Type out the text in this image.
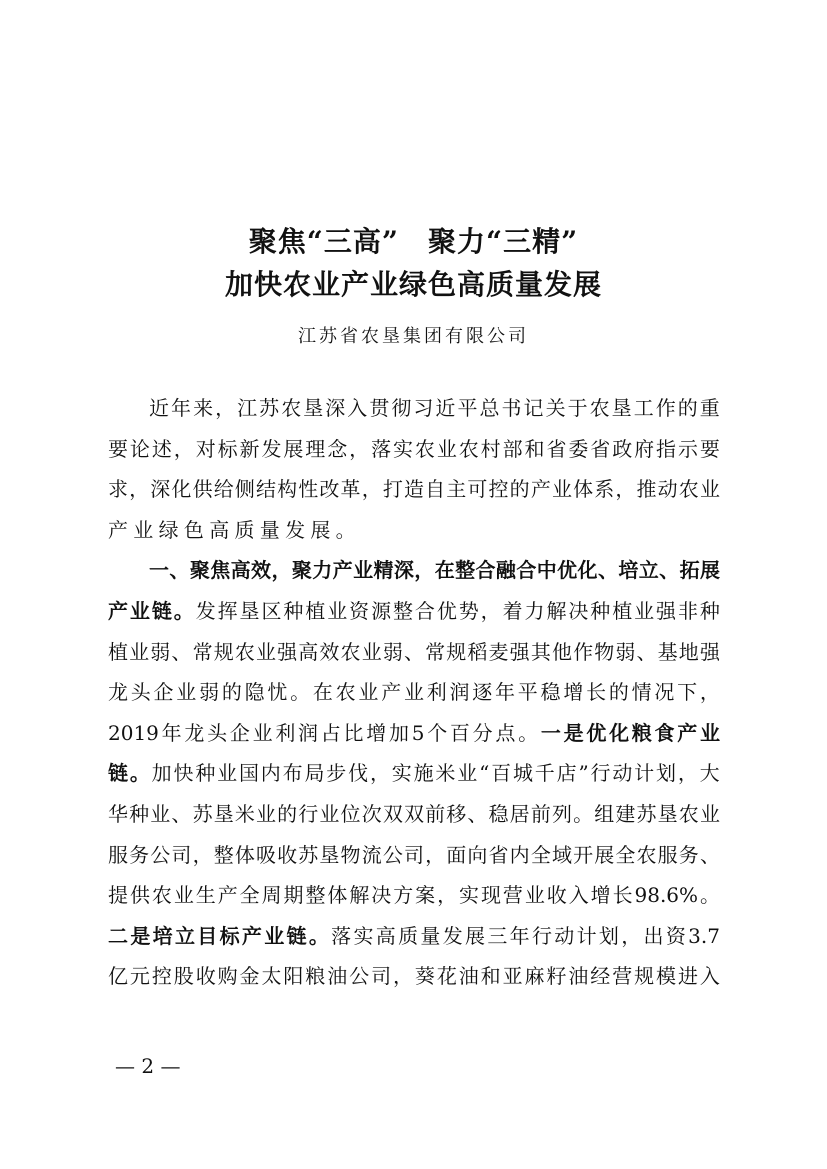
聚焦“三高”　聚力“三精”
加快农业产业绿色高质量发展
江苏省农垦集团有限公司
近 年 来 ， 江 苏 农 垦 深 入 贯 彻 习 近 平 总 书 记 关 于 农 垦 工 作 的 重
要 论 述 ， 对 标 新 发 展 理 念 ， 落 实 农 业 农 村 部 和 省 委 省 政 府 指 示 要
求 ， 深 化 供 给 侧 结 构 性 改 革 ， 打 造 自 主 可 控 的 产 业 体 系 ， 推 动 农 业
产 业 绿 色 高 质 量 发 展 。
一 、 聚 焦 高 效 ， 聚 力 产 业 精 深 ， 在 整 合 融 合 中 优 化 、 培 立 、 拓 展
产 业 链 。 发 挥 垦 区 种 植 业 资 源 整 合 优 势 ， 着 力 解 决 种 植 业 强 非 种
植 业 弱 、 常 规 农 业 强 高 效 农 业 弱 、 常 规 稻 麦 强 其 他 作 物 弱 、 基 地 强
龙 头 企 业 弱 的 隐 忧 。 在 农 业 产 业 利 润 逐 年 平 稳 增 长 的 情 况 下 ，
2019 年 龙 头 企 业 利 润 占 比 增 加 5 个 百 分 点 。 一 是 优 化 粮 食 产 业
链 。 加 快 种 业 国 内 布 局 步 伐 ， 实 施 米 业 “ 百 城 千 店 ” 行 动 计 划 ， 大
华 种 业 、 苏 垦 米 业 的 行 业 位 次 双 双 前 移 、 稳 居 前 列 。 组 建 苏 垦 农 业
服 务 公 司 ， 整 体 吸 收 苏 垦 物 流 公 司 ， 面 向 省 内 全 域 开 展 全 农 服 务 、
提 供 农 业 生 产 全 周 期 整 体 解 决 方 案 ， 实 现 营 业 收 入 增 长 98.6% 。
二 是 培 立 目 标 产 业 链 。 落 实 高 质 量 发 展 三 年 行 动 计 划 ， 出 资 3.7
亿 元 控 股 收 购 金 太 阳 粮 油 公 司 ， 葵 花 油 和 亚 麻 籽 油 经 营 规 模 进 入
— 2 —
